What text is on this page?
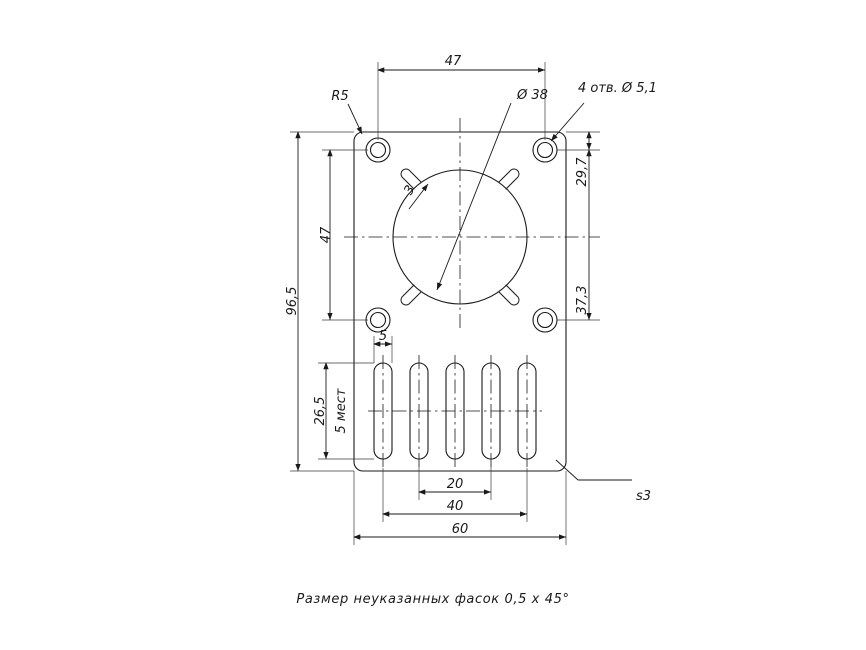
47
47
96,5
29,7
37,3
5
26,5 5 мест
20
40
60
R5	Ø 38 4 отв. Ø 5,1
3
s3
Размер неуказанных фасок 0,5 x 45°
